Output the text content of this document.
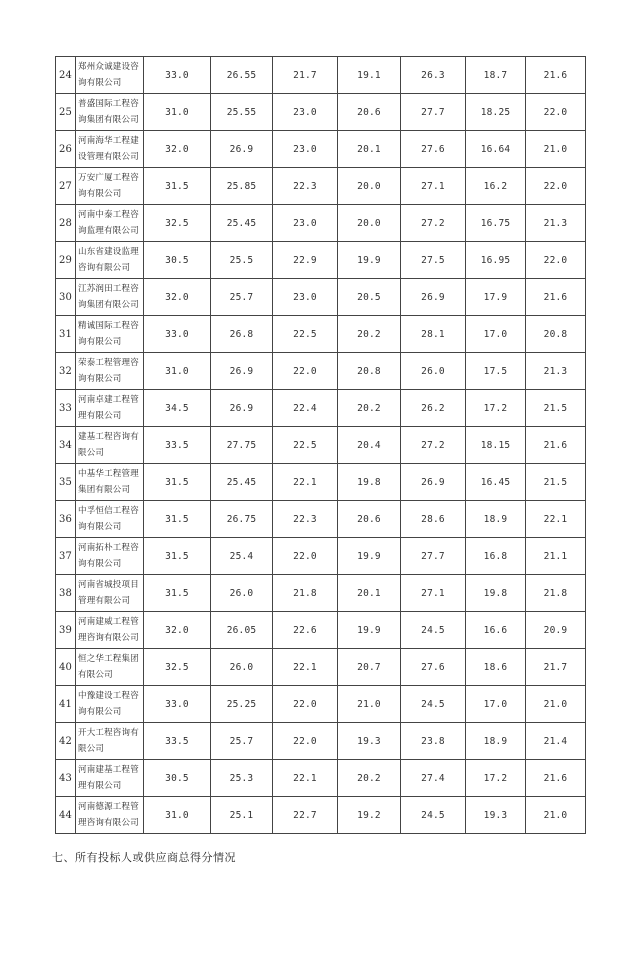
24	郑州众诚建设咨询有限公司	33.0	26.55	21.7	19.1	26.3	18.7	21.6
25	普盛国际工程咨询集团有限公司	31.0	25.55	23.0	20.6	27.7	18.25	22.0
26	河南海华工程建设管理有限公司	32.0	26.9	23.0	20.1	27.6	16.64	21.0
27	万安广厦工程咨询有限公司	31.5	25.85	22.3	20.0	27.1	16.2	22.0
28	河南中泰工程咨询监理有限公司	32.5	25.45	23.0	20.0	27.2	16.75	21.3
29	山东省建设监理咨询有限公司	30.5	25.5	22.9	19.9	27.5	16.95	22.0
30	江苏润田工程咨询集团有限公司	32.0	25.7	23.0	20.5	26.9	17.9	21.6
31	精诚国际工程咨询有限公司	33.0	26.8	22.5	20.2	28.1	17.0	20.8
32	荣泰工程管理咨询有限公司	31.0	26.9	22.0	20.8	26.0	17.5	21.3
33	河南卓建工程管理有限公司	34.5	26.9	22.4	20.2	26.2	17.2	21.5
34	建基工程咨询有限公司	33.5	27.75	22.5	20.4	27.2	18.15	21.6
35	中基华工程管理集团有限公司	31.5	25.45	22.1	19.8	26.9	16.45	21.5
36	中孚恒信工程咨询有限公司	31.5	26.75	22.3	20.6	28.6	18.9	22.1
37	河南拓朴工程咨询有限公司	31.5	25.4	22.0	19.9	27.7	16.8	21.1
38	河南省城投项目管理有限公司	31.5	26.0	21.8	20.1	27.1	19.8	21.8
39	河南建威工程管理咨询有限公司	32.0	26.05	22.6	19.9	24.5	16.6	20.9
40	恒之华工程集团有限公司	32.5	26.0	22.1	20.7	27.6	18.6	21.7
41	中豫建设工程咨询有限公司	33.0	25.25	22.0	21.0	24.5	17.0	21.0
42	开大工程咨询有限公司	33.5	25.7	22.0	19.3	23.8	18.9	21.4
43	河南建基工程管理有限公司	30.5	25.3	22.1	20.2	27.4	17.2	21.6
44	河南德源工程管理咨询有限公司	31.0	25.1	22.7	19.2	24.5	19.3	21.0
七、所有投标人或供应商总得分情况
